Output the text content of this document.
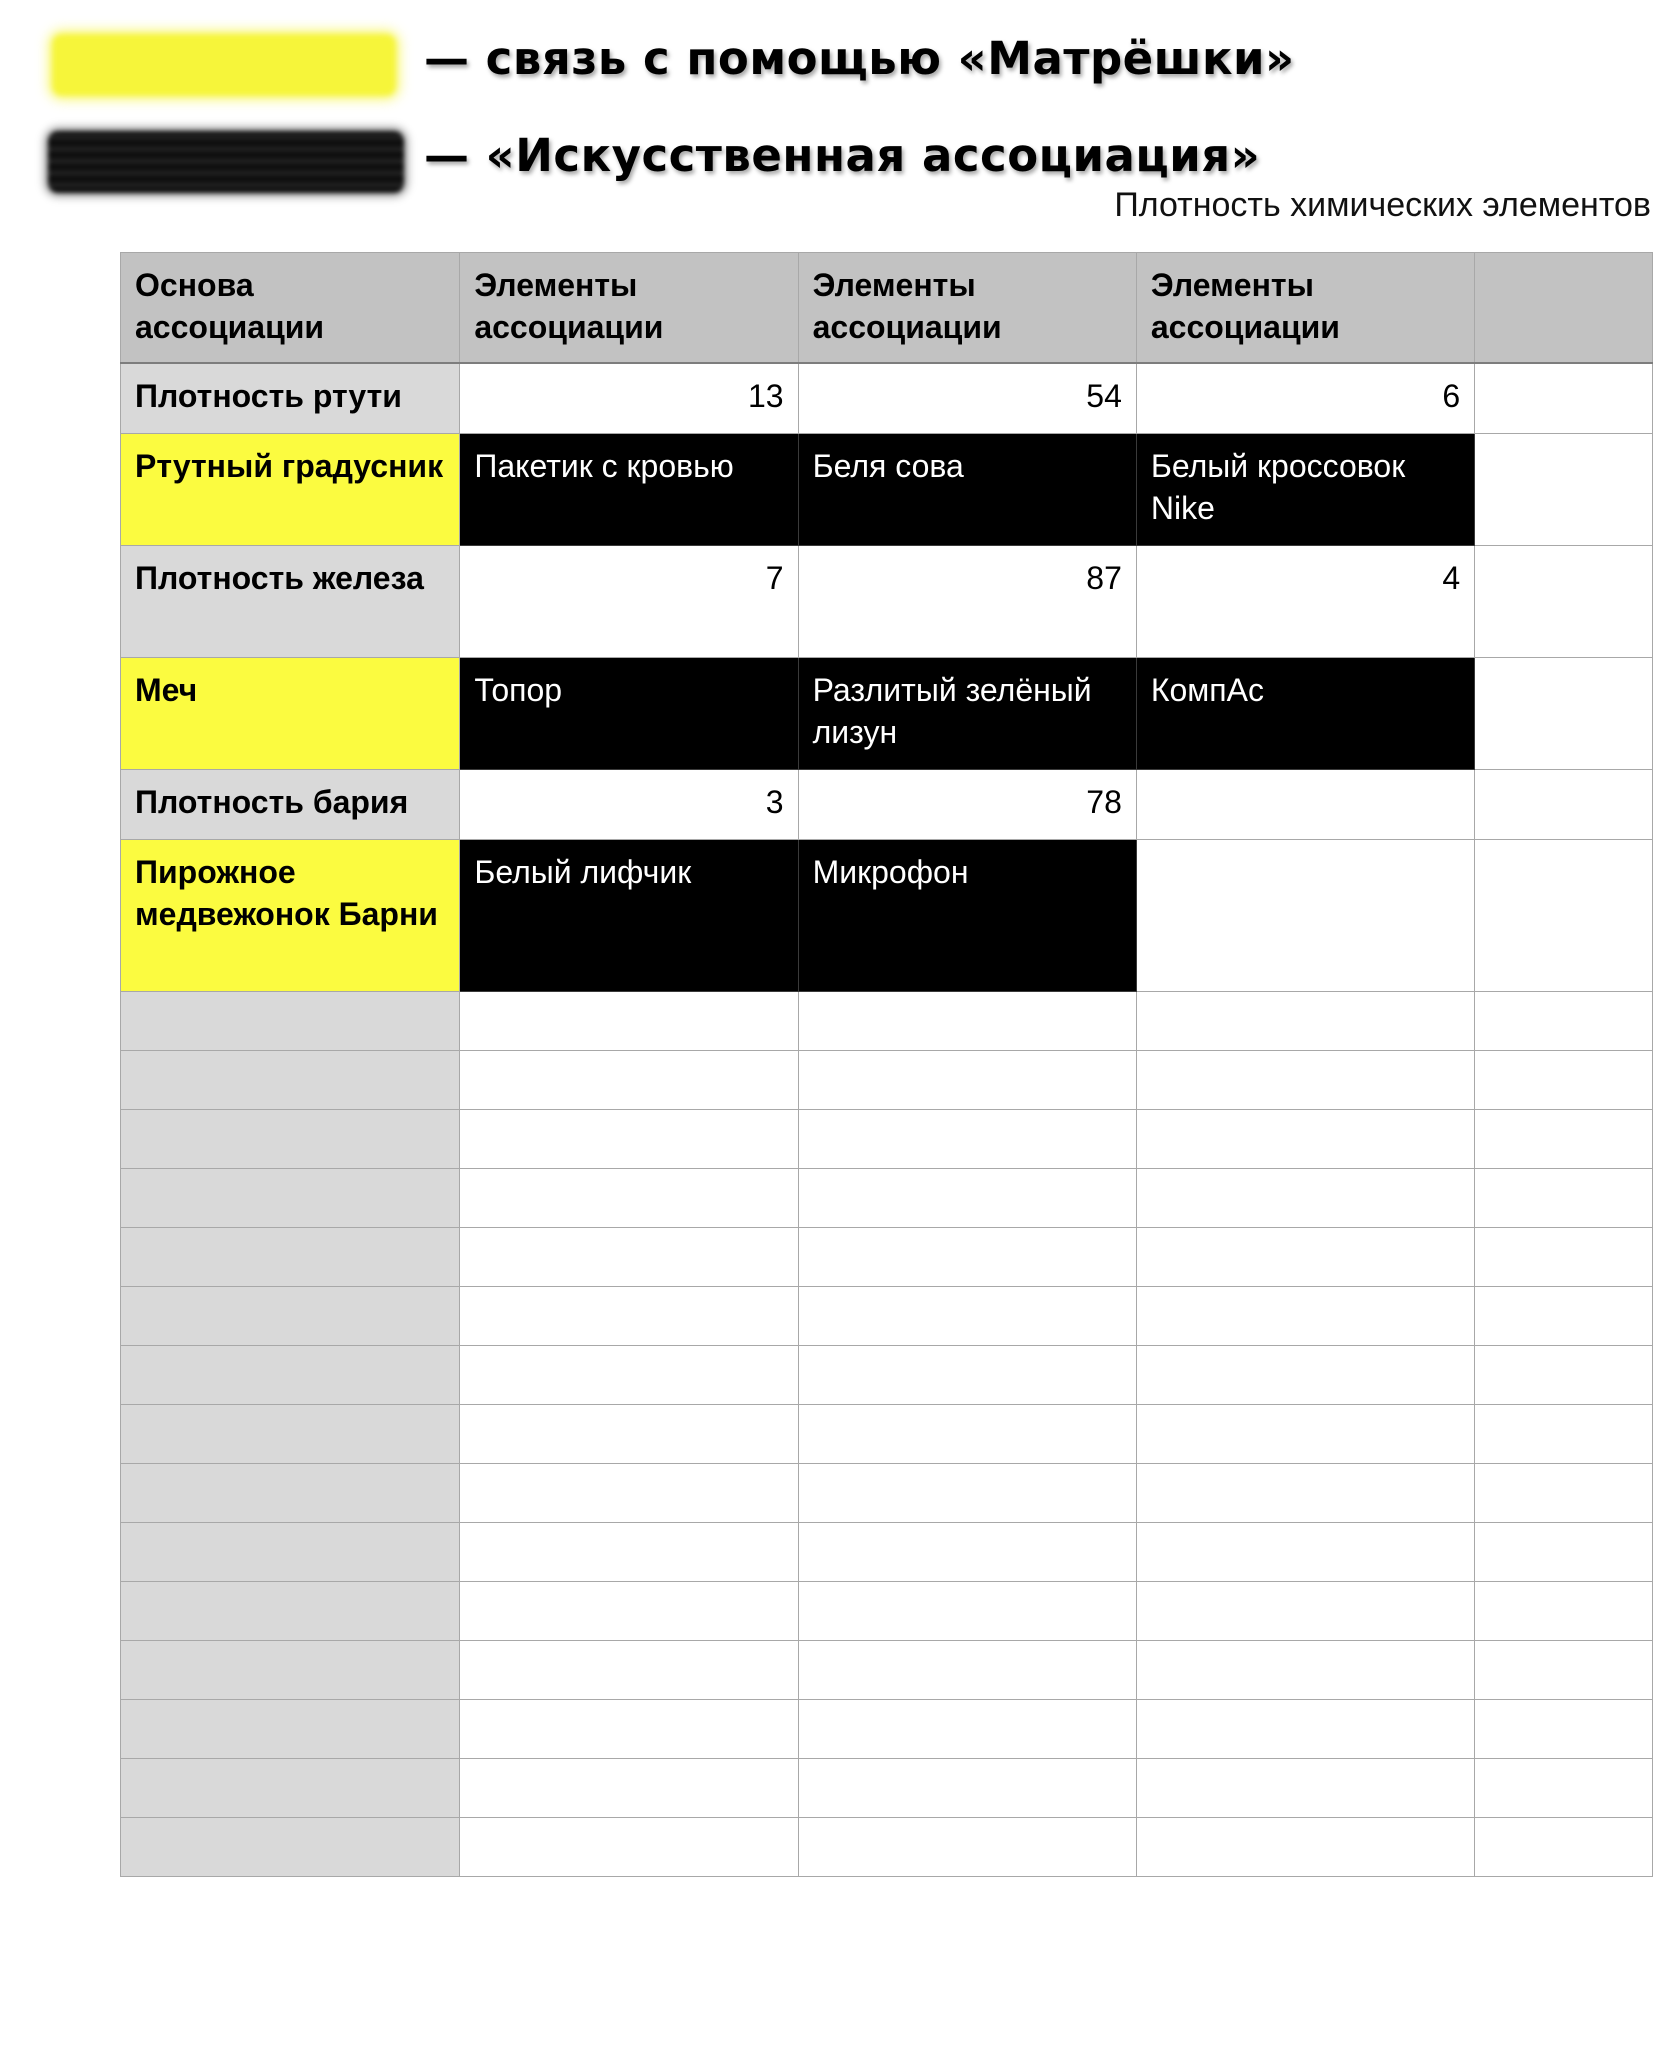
— связь с помощью «Матрёшки»
— «Искусственная ассоциация»
Плотность химических элементов
Основа ассоциации	Элементы ассоциации	Элементы ассоциации	Элементы ассоциации	
Плотность ртути	13	54	6	
Ртутный градусник	Пакетик с кровью	Беля сова	Белый кроссовок Nike	
Плотность железа	7	87	4	
Меч	Топор	Разлитый зелёный лизун	КомпАс	
Плотность бария	3	78		
Пирожное медвежонок Барни	Белый лифчик	Микрофон		
